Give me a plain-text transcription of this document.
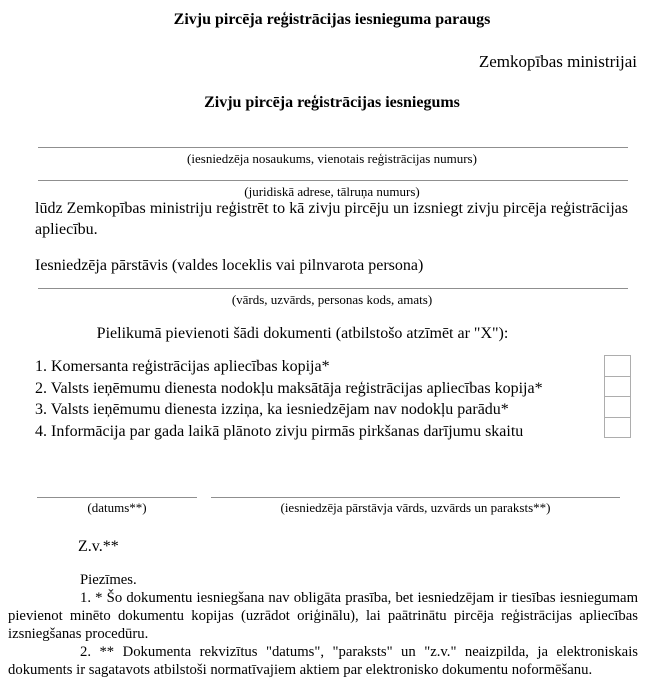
Zivju pircēja reģistrācijas iesnieguma paraugs
Zemkopības ministrijai
Zivju pircēja reģistrācijas iesniegums
(iesniedzēja nosaukums, vienotais reģistrācijas numurs)
(juridiskā adrese, tālruņa numurs)
lūdz Zemkopības ministriju reģistrēt to kā zivju pircēju un izsniegt zivju pircēja reģistrācijas apliecību.
Iesniedzēja pārstāvis (valdes loceklis vai pilnvarota persona)
(vārds, uzvārds, personas kods, amats)
Pielikumā pievienoti šādi dokumenti (atbilstošo atzīmēt ar "X"):
1. Komersanta reģistrācijas apliecības kopija*
2. Valsts ieņēmumu dienesta nodokļu maksātāja reģistrācijas apliecības kopija*
3. Valsts ieņēmumu dienesta izziņa, ka iesniedzējam nav nodokļu parādu*
4. Informācija par gada laikā plānoto zivju pirmās pirkšanas darījumu skaitu
(datums**)	(iesniedzēja pārstāvja vārds, uzvārds un paraksts**)
Z.v.**

Piezīmes.

1. * Šo dokumentu iesniegšana nav obligāta prasība, bet iesniedzējam ir tiesības iesniegumam pievienot minēto dokumentu kopijas (uzrādot oriģinālu), lai paātrinātu pircēja reģistrācijas apliecības izsniegšanas procedūru.

2. ** Dokumenta rekvizītus "datums", "paraksts" un "z.v." neaizpilda, ja elektroniskais dokuments ir sagatavots atbilstoši normatīvajiem aktiem par elektronisko dokumentu noformēšanu.
